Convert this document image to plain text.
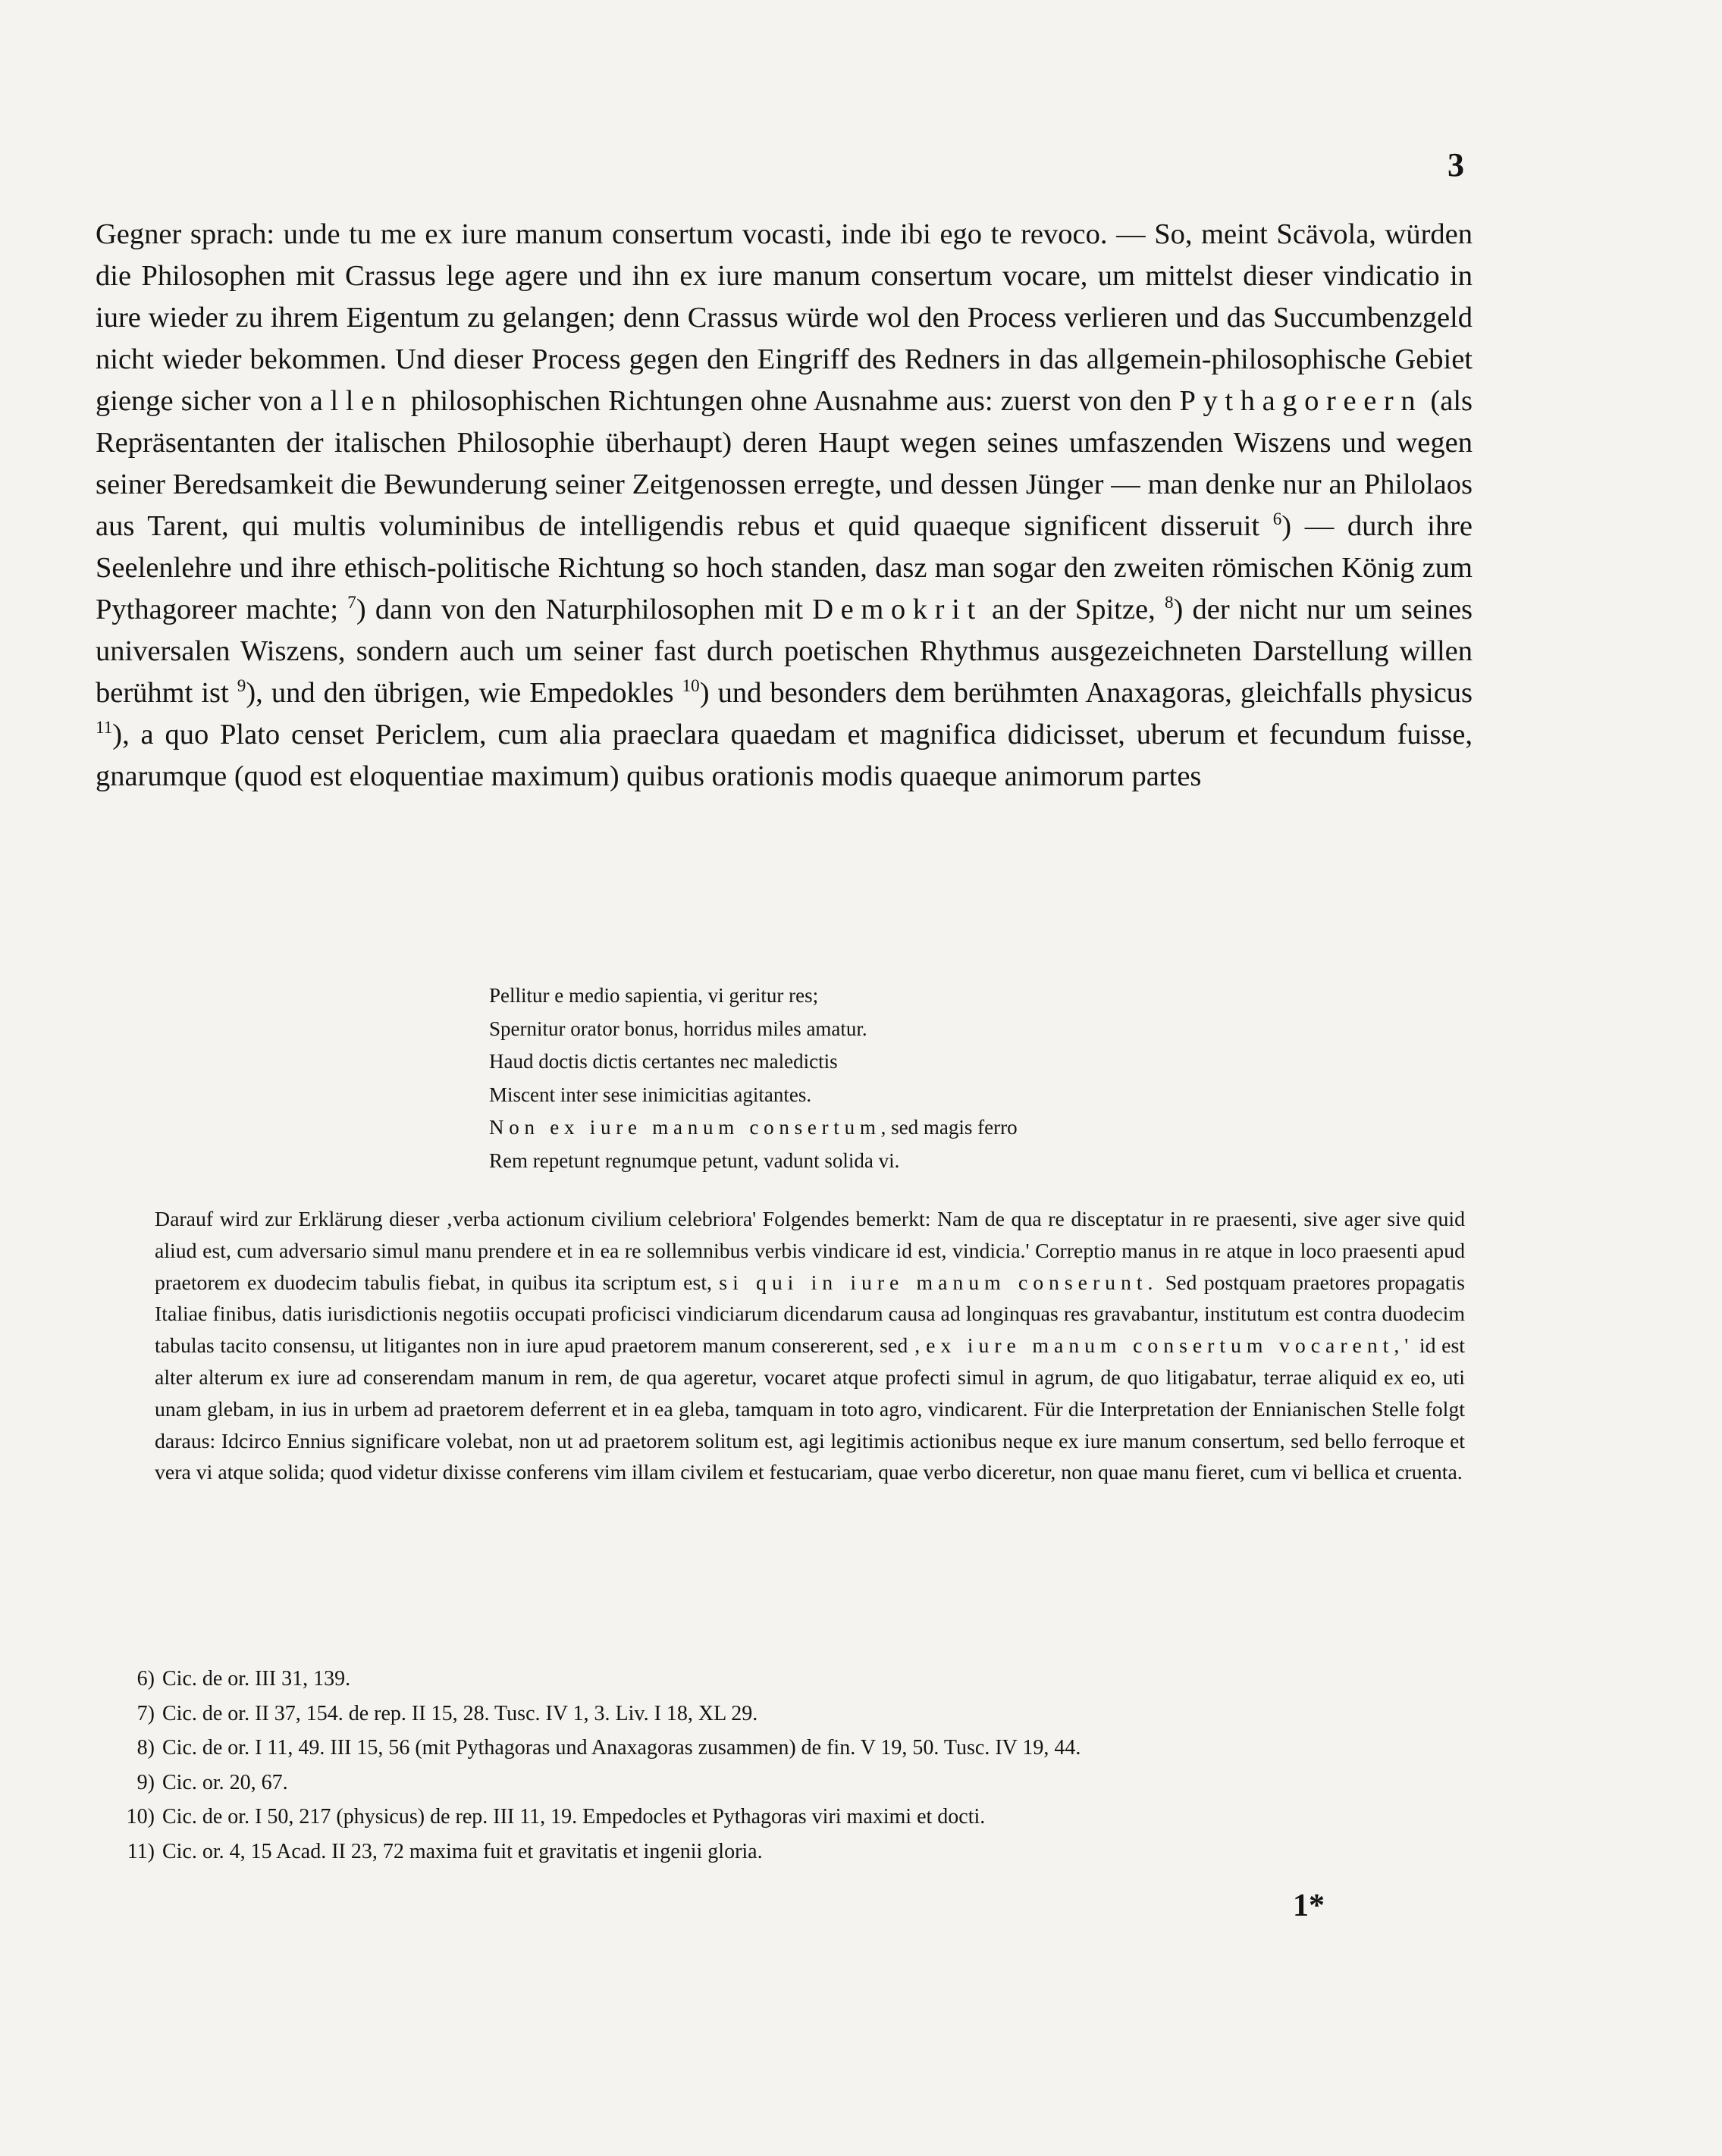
3
Gegner sprach: unde tu me ex iure manum consertum vocasti, inde ibi ego te revoco. — So, meint Scävola, würden die Philosophen mit Crassus lege agere und ihn ex iure manum consertum vocare, um mittelst dieser vindicatio in iure wieder zu ihrem Eigentum zu gelangen; denn Crassus würde wol den Process verlieren und das Succumbenzgeld nicht wieder bekommen. Und dieser Process gegen den Eingriff des Redners in das allgemein-philosophische Gebiet gienge sicher von allen philosophischen Richtungen ohne Ausnahme aus: zuerst von den Pythagoreern (als Repräsentanten der italischen Philosophie überhaupt) deren Haupt wegen seines umfaszenden Wiszens und wegen seiner Beredsamkeit die Bewunderung seiner Zeitgenossen erregte, und dessen Jünger — man denke nur an Philolaos aus Tarent, qui multis voluminibus de intelligendis rebus et quid quaeque significent disseruit $^6$) — durch ihre Seelenlehre und ihre ethisch-politische Richtung so hoch standen, dasz man sogar den zweiten römischen König zum Pythagoreer machte; $^7$) dann von den Naturphilosophen mit Demokrit an der Spitze, $^8$) der nicht nur um seines universalen Wiszens, sondern auch um seiner fast durch poetischen Rhythmus ausgezeichneten Darstellung willen berühmt ist $^9$), und den übrigen, wie Empedokles $^{10}$) und besonders dem berühmten Anaxagoras, gleichfalls physicus $^{11}$), a quo Plato censet Periclem, cum alia praeclara quaedam et magnifica didicisset, uberum et fecundum fuisse, gnarumque (quod est eloquentiae maximum) quibus orationis modis quaeque animorum partes
Pellitur e medio sapientia, vi geritur res;
Spernitur orator bonus, horridus miles amatur.
Haud doctis dictis certantes nec maledictis
Miscent inter sese inimicitias agitantes.
Non ex iure manum consertum, sed magis ferro
Rem repetunt regnumque petunt, vadunt solida vi.
Darauf wird zur Erklärung dieser ‚verba actionum civilium celebriora' Folgendes bemerkt: Nam de qua re disceptatur in re praesenti, sive ager sive quid aliud est, cum adversario simul manu prendere et in ea re sollemnibus verbis vindicare id est, vindicia.' Correptio manus in re atque in loco praesenti apud praetorem ex duodecim tabulis fiebat, in quibus ita scriptum est, si qui in iure manum conserunt. Sed postquam praetores propagatis Italiae finibus, datis iurisdictionis negotiis occupati proficisci vindiciarum dicendarum causa ad longinquas res gravabantur, institutum est contra duodecim tabulas tacito consensu, ut litigantes non in iure apud praetorem manum consererent, sed ‚ex iure manum consertum vocarent,' id est alter alterum ex iure ad conserendam manum in rem, de qua ageretur, vocaret atque profecti simul in agrum, de quo litigabatur, terrae aliquid ex eo, uti unam glebam, in ius in urbem ad praetorem deferrent et in ea gleba, tamquam in toto agro, vindicarent. Für die Interpretation der Ennianischen Stelle folgt daraus: Idcirco Ennius significare volebat, non ut ad praetorem solitum est, agi legitimis actionibus neque ex iure manum consertum, sed bello ferroque et vera vi atque solida; quod videtur dixisse conferens vim illam civilem et festucariam, quae verbo diceretur, non quae manu fieret, cum vi bellica et cruenta.
6) Cic. de or. III 31, 139.
7) Cic. de or. II 37, 154. de rep. II 15, 28. Tusc. IV 1, 3. Liv. I 18, XL 29.
8) Cic. de or. I 11, 49. III 15, 56 (mit Pythagoras und Anaxagoras zusammen) de fin. V 19, 50. Tusc. IV 19, 44.
9) Cic. or. 20, 67.
10) Cic. de or. I 50, 217 (physicus) de rep. III 11, 19. Empedocles et Pythagoras viri maximi et docti.
11) Cic. or. 4, 15 Acad. II 23, 72 maxima fuit et gravitatis et ingenii gloria.
1*
